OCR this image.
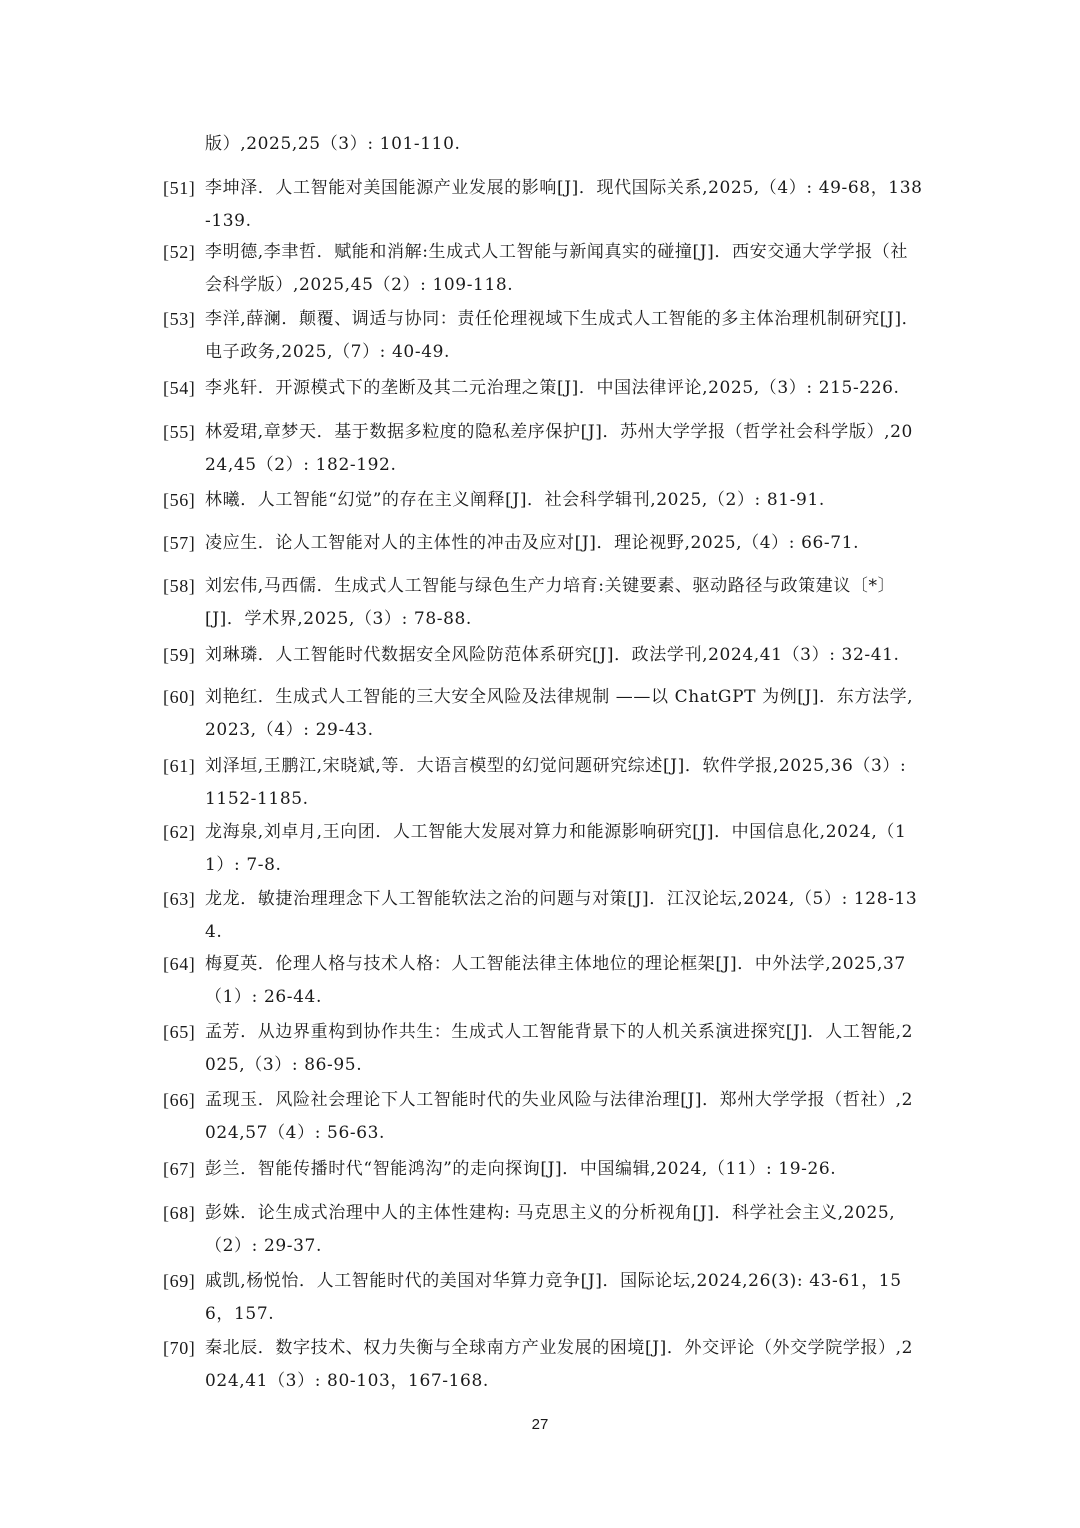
版）,2025,25（3）: 101-110.
[51] 李坤泽．人工智能对美国能源产业发展的影响[J]．现代国际关系,2025,（4）: 49-68，138-139.
[52] 李明德,李聿哲．赋能和消解:生成式人工智能与新闻真实的碰撞[J]．西安交通大学学报（社会科学版）,2025,45（2）: 109-118.
[53] 李洋,薛澜．颠覆、调适与协同：责任伦理视域下生成式人工智能的多主体治理机制研究[J]．电子政务,2025,（7）: 40-49.
[54] 李兆轩．开源模式下的垄断及其二元治理之策[J]．中国法律评论,2025,（3）: 215-226.
[55] 林爱珺,章梦天．基于数据多粒度的隐私差序保护[J]．苏州大学学报（哲学社会科学版）,2024,45（2）: 182-192.
[56] 林曦．人工智能“幻觉”的存在主义阐释[J]．社会科学辑刊,2025,（2）: 81-91.
[57] 凌应生．论人工智能对人的主体性的冲击及应对[J]．理论视野,2025,（4）: 66-71.
[58] 刘宏伟,马西儒．生成式人工智能与绿色生产力培育:关键要素、驱动路径与政策建议〔*〕[J]．学术界,2025,（3）: 78-88.
[59] 刘琳璘．人工智能时代数据安全风险防范体系研究[J]．政法学刊,2024,41（3）: 32-41.
[60] 刘艳红．生成式人工智能的三大安全风险及法律规制 ——以 ChatGPT 为例[J]．东方法学,2023,（4）: 29-43.
[61] 刘泽垣,王鹏江,宋晓斌,等．大语言模型的幻觉问题研究综述[J]．软件学报,2025,36（3）: 1152-1185.
[62] 龙海泉,刘卓月,王向团．人工智能大发展对算力和能源影响研究[J]．中国信息化,2024,（11）: 7-8.
[63] 龙龙．敏捷治理理念下人工智能软法之治的问题与对策[J]．江汉论坛,2024,（5）: 128-134.
[64] 梅夏英．伦理人格与技术人格：人工智能法律主体地位的理论框架[J]．中外法学,2025,37（1）: 26-44.
[65] 孟芳．从边界重构到协作共生：生成式人工智能背景下的人机关系演进探究[J]．人工智能,2025,（3）: 86-95.
[66] 孟现玉．风险社会理论下人工智能时代的失业风险与法律治理[J]．郑州大学学报（哲社）,2024,57（4）: 56-63.
[67] 彭兰．智能传播时代“智能鸿沟”的走向探询[J]．中国编辑,2024,（11）: 19-26.
[68] 彭姝．论生成式治理中人的主体性建构: 马克思主义的分析视角[J]．科学社会主义,2025,（2）: 29-37.
[69] 戚凯,杨悦怡．人工智能时代的美国对华算力竞争[J]．国际论坛,2024,26(3): 43-61，156，157.
[70] 秦北辰．数字技术、权力失衡与全球南方产业发展的困境[J]．外交评论（外交学院学报）,2024,41（3）: 80-103，167-168.
27
